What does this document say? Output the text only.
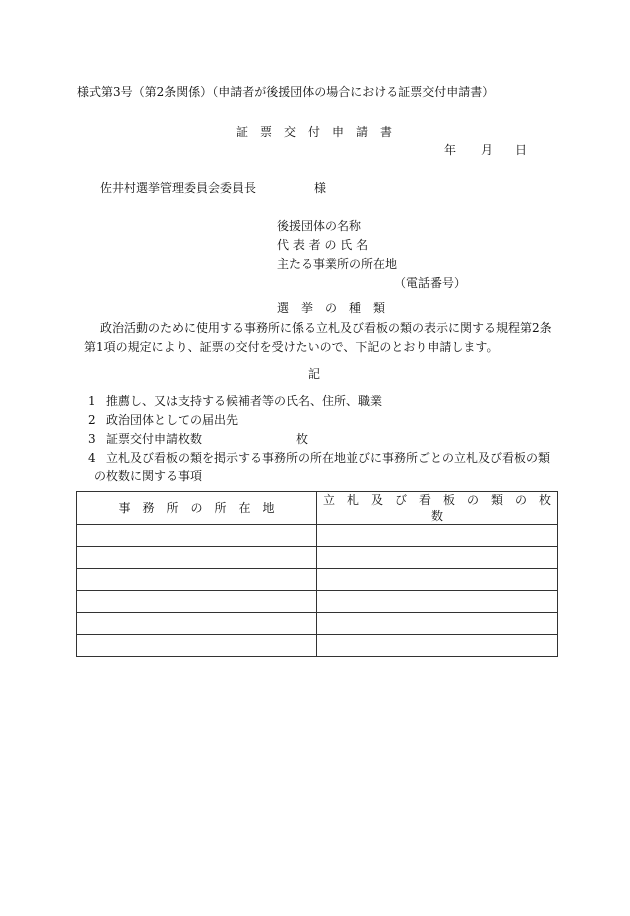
様式第3号（第2条関係）（申請者が後援団体の場合における証票交付申請書）

証　票　交　付　申　請　書

年 月 日

佐井村選挙管理委員会委員長	様

後援団体の名称

代 表 者 の 氏 名

主たる事業所の所在地

（電話番号）

選　挙　の　種　類

政治活動のために使用する事務所に係る立札及び看板の類の表示に関する規程第2条

第1項の規定により、証票の交付を受けたいので、下記のとおり申請します。

記

1 推薦し、又は支持する候補者等の氏名、住所、職業

2 政治団体としての届出先

3 証票交付申請枚数	枚

4 立札及び看板の類を掲示する事務所の所在地並びに事務所ごとの立札及び看板の類

の枚数に関する事項

事　務　所　の　所　在　地	立　札　及　び　看　板　の　類　の　枚　数
